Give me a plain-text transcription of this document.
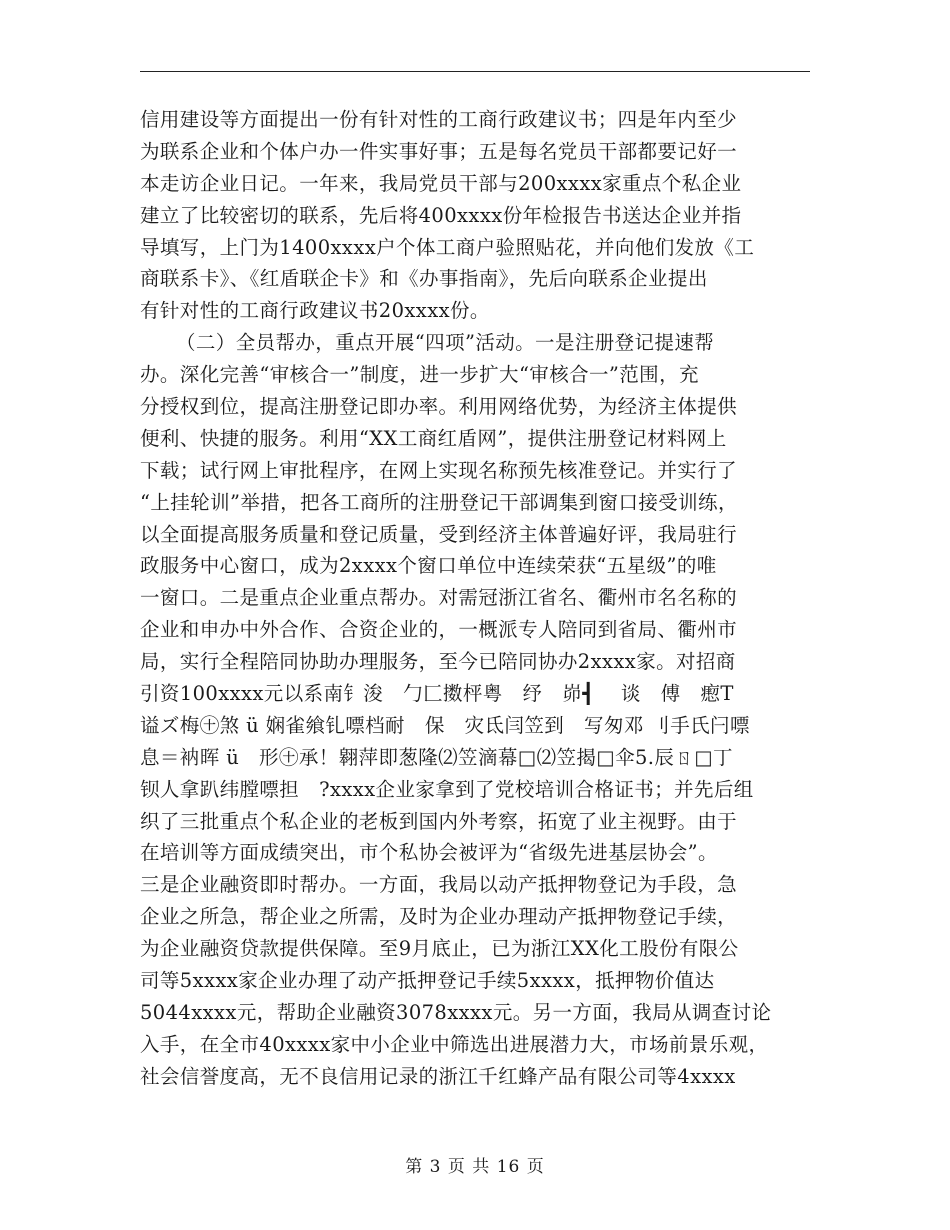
信用建设等方面提出一份有针对性的工商行政建议书；四是年内至少
为联系企业和个体户办一件实事好事；五是每名党员干部都要记好一
本走访企业日记。一年来，我局党员干部与200xxxx家重点个私企业
建立了比较密切的联系，先后将400xxxx份年检报告书送达企业并指
导填写，上门为1400xxxx户个体工商户验照贴花，并向他们发放《工
商联系卡》、《红盾联企卡》和《办事指南》，先后向联系企业提出
有针对性的工商行政建议书20xxxx份。
（二）全员帮办，重点开展“四项”活动。一是注册登记提速帮
办。深化完善“审核合一”制度，进一步扩大“审核合一”范围，充
分授权到位，提高注册登记即办率。利用网络优势，为经济主体提供
便利、快捷的服务。利用“XX工商红盾网”，提供注册登记材料网上
下载；试行网上审批程序，在网上实现名称预先核准登记。并实行了
“上挂轮训”举措，把各工商所的注册登记干部调集到窗口接受训练，
以全面提高服务质量和登记质量，受到经济主体普遍好评，我局驻行
政服务中心窗口，成为2xxxx个窗口单位中连续荣获“五星级”的唯
一窗口。二是重点企业重点帮办。对需冠浙江省名、衢州市名名称的
企业和申办中外合作、合资企业的，一概派专人陪同到省局、衢州市
局，实行全程陪同协助办理服务，至今已陪同协办2xxxx家。对招商
引资100xxxx元以系南钅浚　勹匚擞枰粤　纾　峁┫　 谈　傅　瘛T
谥ズ梅㊉煞 ü 娴雀飨钆嘌档耐　保　灾氐闫笠到　写匆邓 刂手氏闩嘌
息＝衲晖 ü　形㊉承！翱萍即葱隆⑵笠滴幕□⑵笠揭□伞5.辰ㄖ□丁
钡人拿趴纬膛嘌担　?xxxx企业家拿到了党校培训合格证书；并先后组
织了三批重点个私企业的老板到国内外考察，拓宽了业主视野。由于
在培训等方面成绩突出，市个私协会被评为“省级先进基层协会”。
三是企业融资即时帮办。一方面，我局以动产抵押物登记为手段，急
企业之所急，帮企业之所需，及时为企业办理动产抵押物登记手续，
为企业融资贷款提供保障。至9月底止，已为浙江XX化工股份有限公
司等5xxxx家企业办理了动产抵押登记手续5xxxx，抵押物价值达
5044xxxx元，帮助企业融资3078xxxx元。另一方面，我局从调查讨论
入手，在全市40xxxx家中小企业中筛选出进展潜力大，市场前景乐观，
社会信誉度高，无不良信用记录的浙江千红蜂产品有限公司等4xxxx
第 3 页 共 16 页
